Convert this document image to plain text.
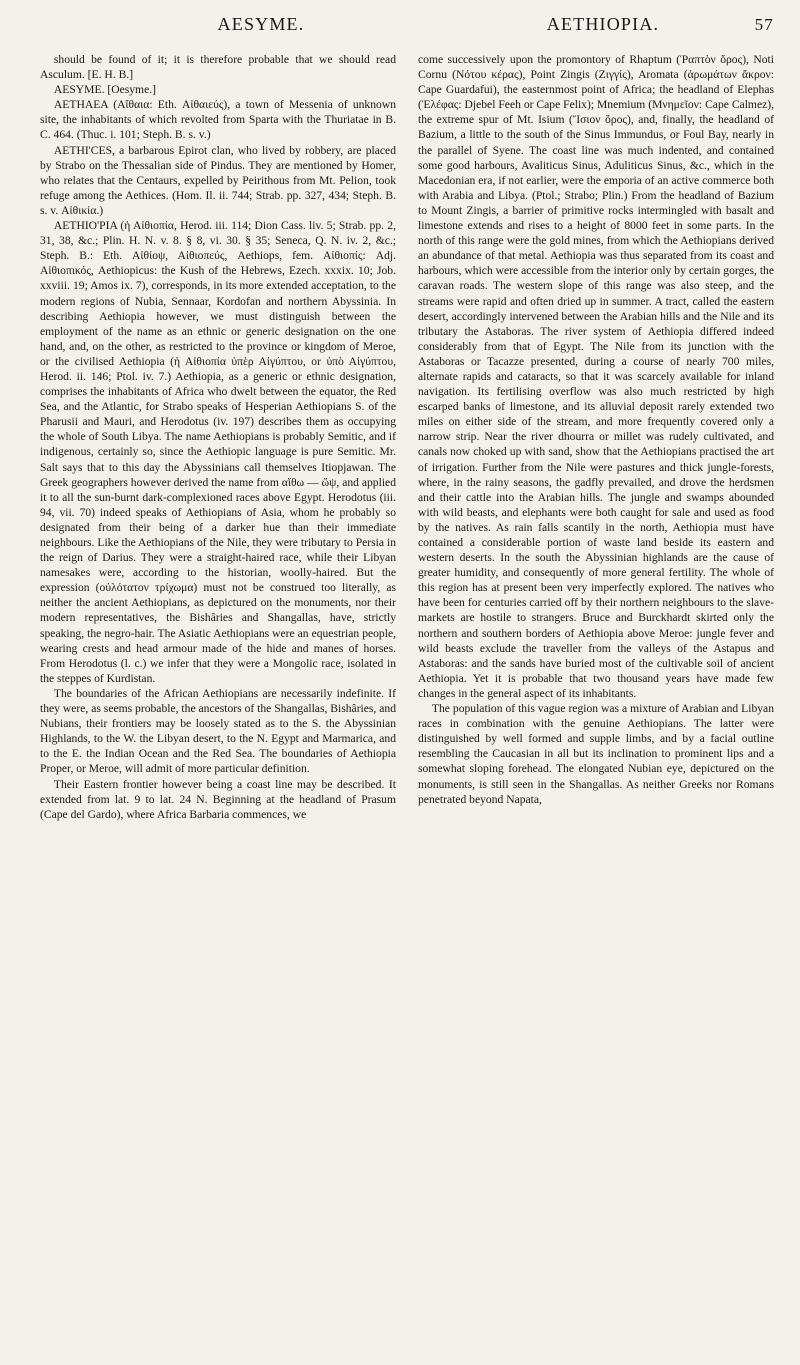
AESYME.	AETHIOPIA.	57

should be found of it; it is therefore probable that we should read Asculum. [E. H. B.]

AESYME. [Oesyme.]

AETHAEA (Αἴθαια: Eth. Αἰθαιεύς), a town of Messenia of unknown site, the inhabitants of which revolted from Sparta with the Thuriatae in B. C. 464. (Thuc. i. 101; Steph. B. s. v.)

AETHI'CES, a barbarous Epirot clan, who lived by robbery, are placed by Strabo on the Thessalian side of Pindus. They are mentioned by Homer, who relates that the Centaurs, expelled by Peirithous from Mt. Pelion, took refuge among the Aethices. (Hom. Il. ii. 744; Strab. pp. 327, 434; Steph. B. s. v. Αἰθικία.)

AETHIO'PIA (ἡ Αἰθιοπία, Herod. iii. 114; Dion Cass. liv. 5; Strab. pp. 2, 31, 38, &c.; Plin. H. N. v. 8. § 8, vi. 30. § 35; Seneca, Q. N. iv. 2, &c.; Steph. B.: Eth. Αἰθίοψ, Αἰθιοπεύς, Aethiops, fem. Αἰθιοπίς: Adj. Αἰθιοπικός, Aethiopicus: the Kush of the Hebrews, Ezech. xxxix. 10; Job. xxviii. 19; Amos ix. 7), corresponds, in its more extended acceptation, to the modern regions of Nubia, Sennaar, Kordofan and northern Abyssinia. In describing Aethiopia however, we must distinguish between the employment of the name as an ethnic or generic designation on the one hand, and, on the other, as restricted to the province or kingdom of Meroe, or the civilised Aethiopia (ἡ Αἰθιοπία ὑπὲρ Αἰγύπτου, or ὑπὸ Αἰγύπτου, Herod. ii. 146; Ptol. iv. 7.) Aethiopia, as a generic or ethnic designation, comprises the inhabitants of Africa who dwelt between the equator, the Red Sea, and the Atlantic, for Strabo speaks of Hesperian Aethiopians S. of the Pharusii and Mauri, and Herodotus (iv. 197) describes them as occupying the whole of South Libya. The name Aethiopians is probably Semitic, and if indigenous, certainly so, since the Aethiopic language is pure Semitic. Mr. Salt says that to this day the Abyssinians call themselves Itiopjawan. The Greek geographers however derived the name from αἴθω — ὤψ, and applied it to all the sun-burnt dark-complexioned races above Egypt. Herodotus (iii. 94, vii. 70) indeed speaks of Aethiopians of Asia, whom he probably so designated from their being of a darker hue than their immediate neighbours. Like the Aethiopians of the Nile, they were tributary to Persia in the reign of Darius. They were a straight-haired race, while their Libyan namesakes were, according to the historian, woolly-haired. But the expression (οὐλότατον τρίχωμα) must not be construed too literally, as neither the ancient Aethiopians, as depictured on the monuments, nor their modern representatives, the Bishâries and Shangallas, have, strictly speaking, the negro-hair. The Asiatic Aethiopians were an equestrian people, wearing crests and head armour made of the hide and manes of horses. From Herodotus (l. c.) we infer that they were a Mongolic race, isolated in the steppes of Kurdistan.

The boundaries of the African Aethiopians are necessarily indefinite. If they were, as seems probable, the ancestors of the Shangallas, Bishâries, and Nubians, their frontiers may be loosely stated as to the S. the Abyssinian Highlands, to the W. the Libyan desert, to the N. Egypt and Marmarica, and to the E. the Indian Ocean and the Red Sea. The boundaries of Aethiopia Proper, or Meroe, will admit of more particular definition.

Their Eastern frontier however being a coast line may be described. It extended from lat. 9 to lat. 24 N. Beginning at the headland of Prasum (Cape del Gardo), where Africa Barbaria commences, we

come successively upon the promontory of Rhaptum (Ῥαπτὸν ὄρος), Noti Cornu (Νότου κέρας), Point Zingis (Ζιγγίς), Aromata (ἀρωμάτων ἄκρον: Cape Guardafui), the easternmost point of Africa; the headland of Elephas (Ἐλέφας: Djebel Feeh or Cape Felix); Mnemium (Μνημεῖον: Cape Calmez), the extreme spur of Mt. Isium (Ἴσιον ὄρος), and, finally, the headland of Bazium, a little to the south of the Sinus Immundus, or Foul Bay, nearly in the parallel of Syene. The coast line was much indented, and contained some good harbours, Avaliticus Sinus, Aduliticus Sinus, &c., which in the Macedonian era, if not earlier, were the emporia of an active commerce both with Arabia and Libya. (Ptol.; Strabo; Plin.) From the headland of Bazium to Mount Zingis, a barrier of primitive rocks intermingled with basalt and limestone extends and rises to a height of 8000 feet in some parts. In the north of this range were the gold mines, from which the Aethiopians derived an abundance of that metal. Aethiopia was thus separated from its coast and harbours, which were accessible from the interior only by certain gorges, the caravan roads. The western slope of this range was also steep, and the streams were rapid and often dried up in summer. A tract, called the eastern desert, accordingly intervened between the Arabian hills and the Nile and its tributary the Astaboras. The river system of Aethiopia differed indeed considerably from that of Egypt. The Nile from its junction with the Astaboras or Tacazze presented, during a course of nearly 700 miles, alternate rapids and cataracts, so that it was scarcely available for inland navigation. Its fertilising overflow was also much restricted by high escarped banks of limestone, and its alluvial deposit rarely extended two miles on either side of the stream, and more frequently covered only a narrow strip. Near the river dhourra or millet was rudely cultivated, and canals now choked up with sand, show that the Aethiopians practised the art of irrigation. Further from the Nile were pastures and thick jungle-forests, where, in the rainy seasons, the gadfly prevailed, and drove the herdsmen and their cattle into the Arabian hills. The jungle and swamps abounded with wild beasts, and elephants were both caught for sale and used as food by the natives. As rain falls scantily in the north, Aethiopia must have contained a considerable portion of waste land beside its eastern and western deserts. In the south the Abyssinian highlands are the cause of greater humidity, and consequently of more general fertility. The whole of this region has at present been very imperfectly explored. The natives who have been for centuries carried off by their northern neighbours to the slave-markets are hostile to strangers. Bruce and Burckhardt skirted only the northern and southern borders of Aethiopia above Meroe: jungle fever and wild beasts exclude the traveller from the valleys of the Astapus and Astaboras: and the sands have buried most of the cultivable soil of ancient Aethiopia. Yet it is probable that two thousand years have made few changes in the general aspect of its inhabitants.

The population of this vague region was a mixture of Arabian and Libyan races in combination with the genuine Aethiopians. The latter were distinguished by well formed and supple limbs, and by a facial outline resembling the Caucasian in all but its inclination to prominent lips and a somewhat sloping forehead. The elongated Nubian eye, depictured on the monuments, is still seen in the Shangallas. As neither Greeks nor Romans penetrated beyond Napata,
